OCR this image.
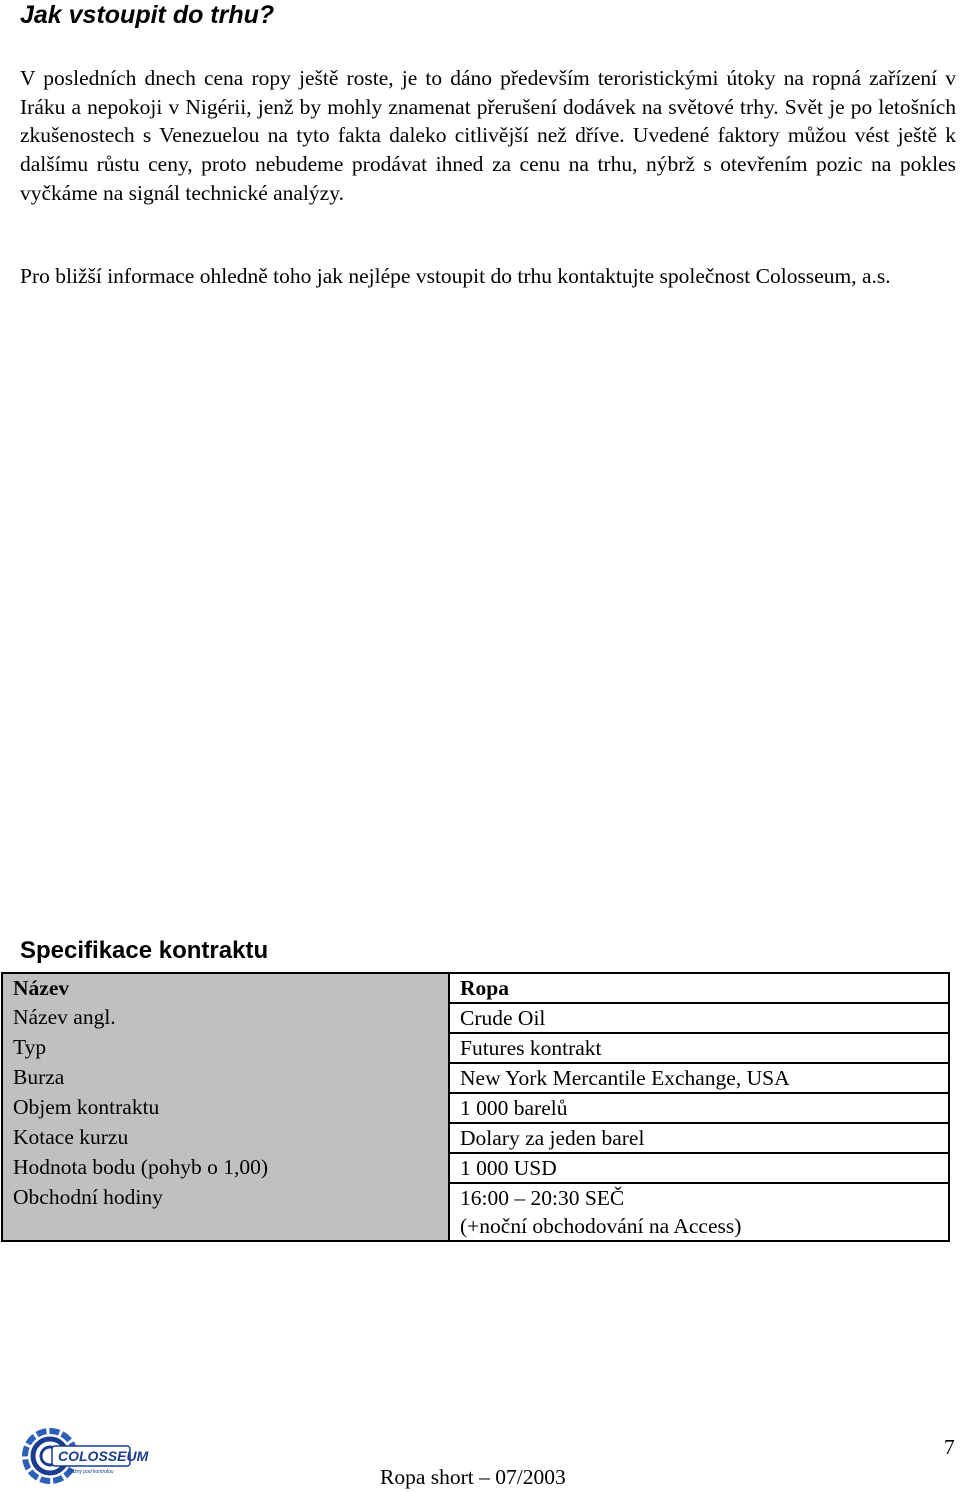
Jak vstoupit do trhu?

V posledních dnech cena ropy ještě roste, je to dáno především teroristickými útoky na ropná zařízení v Iráku a nepokoji v Nigérii, jenž by mohly znamenat přerušení dodávek na světové trhy. Svět je po letošních zkušenostech s Venezuelou na tyto fakta daleko citlivější než dříve. Uvedené faktory můžou vést ještě k dalšímu růstu ceny, proto nebudeme prodávat ihned za cenu na trhu, nýbrž s otevřením pozic na pokles vyčkáme na signál technické analýzy.

Pro bližší informace ohledně toho jak nejlépe vstoupit do trhu kontaktujte společnost Colosseum, a.s.

Specifikace kontraktu
Název	Ropa
Název angl.	Crude Oil
Typ	Futures kontrakt
Burza	New York Mercantile Exchange, USA
Objem kontraktu	1 000 barelů
Kotace kurzu	Dolary za jeden barel
Hodnota bodu (pohyb o 1,00)	1 000 USD
Obchodní hodiny	16:00 – 20:30 SEČ
(+noční obchodování na Access)
COLOSSEUM
Vážný pod kontrolou	Ropa short – 07/2003

7
